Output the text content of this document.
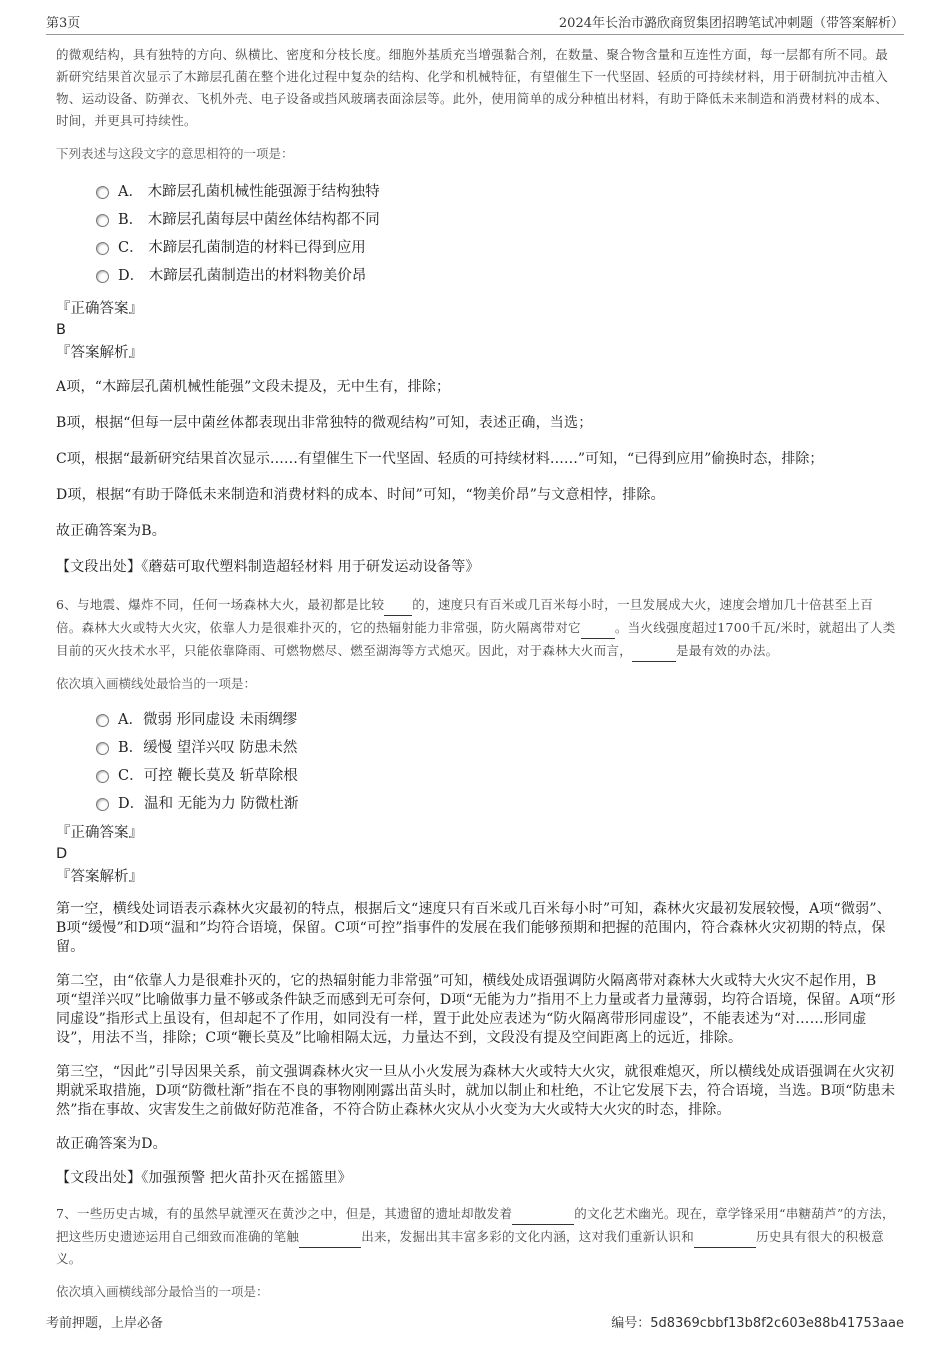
第3页	2024年长治市潞欣商贸集团招聘笔试冲刺题（带答案解析）

的微观结构，具有独特的方向、纵横比、密度和分枝长度。细胞外基质充当增强黏合剂，在数量、聚合物含量和互连性方面，每一层都有所不同。最新研究结果首次显示了木蹄层孔菌在整个进化过程中复杂的结构、化学和机械特征，有望催生下一代坚固、轻质的可持续材料，用于研制抗冲击植入物、运动设备、防弹衣、飞机外壳、电子设备或挡风玻璃表面涂层等。此外，使用简单的成分种植出材料，有助于降低未来制造和消费材料的成本、时间，并更具可持续性。

下列表述与这段文字的意思相符的一项是：

A． 木蹄层孔菌机械性能强源于结构独特
B． 木蹄层孔菌每层中菌丝体结构都不同
C． 木蹄层孔菌制造的材料已得到应用
D． 木蹄层孔菌制造出的材料物美价昂

『正确答案』

B

『答案解析』

A项，“木蹄层孔菌机械性能强”文段未提及，无中生有，排除；

B项，根据“但每一层中菌丝体都表现出非常独特的微观结构”可知，表述正确，当选；

C项，根据“最新研究结果首次显示……有望催生下一代坚固、轻质的可持续材料……”可知，“已得到应用”偷换时态，排除；

D项，根据“有助于降低未来制造和消费材料的成本、时间”可知，“物美价昂”与文意相悖，排除。

故正确答案为B。

【文段出处】《蘑菇可取代塑料制造超轻材料 用于研发运动设备等》

6、与地震、爆炸不同，任何一场森林大火，最初都是比较 的，速度只有百米或几百米每小时，一旦发展成大火，速度会增加几十倍甚至上百倍。森林大火或特大火灾，依靠人力是很难扑灭的，它的热辐射能力非常强，防火隔离带对它	。当火线强度超过1700千瓦/米时，就超出了人类目前的灭火技术水平，只能依靠降雨、可燃物燃尽、燃至湖海等方式熄灭。因此，对于森林大火而言，	是最有效的办法。

依次填入画横线处最恰当的一项是：

A．微弱 形同虚设 未雨绸缪
B．缓慢 望洋兴叹 防患未然
C．可控 鞭长莫及 斩草除根
D．温和 无能为力 防微杜渐

『正确答案』

D

『答案解析』

第一空，横线处词语表示森林火灾最初的特点，根据后文“速度只有百米或几百米每小时”可知，森林火灾最初发展较慢，A项“微弱”、B项“缓慢”和D项“温和”均符合语境，保留。C项“可控”指事件的发展在我们能够预期和把握的范围内，符合森林火灾初期的特点，保留。

第二空，由“依靠人力是很难扑灭的，它的热辐射能力非常强”可知，横线处成语强调防火隔离带对森林大火或特大火灾不起作用，B项“望洋兴叹”比喻做事力量不够或条件缺乏而感到无可奈何，D项“无能为力”指用不上力量或者力量薄弱，均符合语境，保留。A项“形同虚设”指形式上虽设有，但却起不了作用，如同没有一样，置于此处应表述为“防火隔离带形同虚设”，不能表述为“对……形同虚设”，用法不当，排除；C项“鞭长莫及”比喻相隔太远，力量达不到，文段没有提及空间距离上的远近，排除。

第三空，“因此”引导因果关系，前文强调森林火灾一旦从小火发展为森林大火或特大火灾，就很难熄灭，所以横线处成语强调在火灾初期就采取措施，D项“防微杜渐”指在不良的事物刚刚露出苗头时，就加以制止和杜绝，不让它发展下去，符合语境，当选。B项“防患未然”指在事故、灾害发生之前做好防范准备，不符合防止森林火灾从小火变为大火或特大火灾的时态，排除。

故正确答案为D。

【文段出处】《加强预警 把火苗扑灭在摇篮里》

7、一些历史古城，有的虽然早就湮灭在黄沙之中，但是，其遗留的遗址却散发着	的文化艺术幽光。现在，章学锋采用“串糖葫芦”的方法，把这些历史遗迹运用自己细致而准确的笔触	出来，发掘出其丰富多彩的文化内涵，这对我们重新认识和	历史具有很大的积极意义。

依次填入画横线部分最恰当的一项是：

考前押题，上岸必备	编号：5d8369cbbf13b8f2c603e88b41753aae
